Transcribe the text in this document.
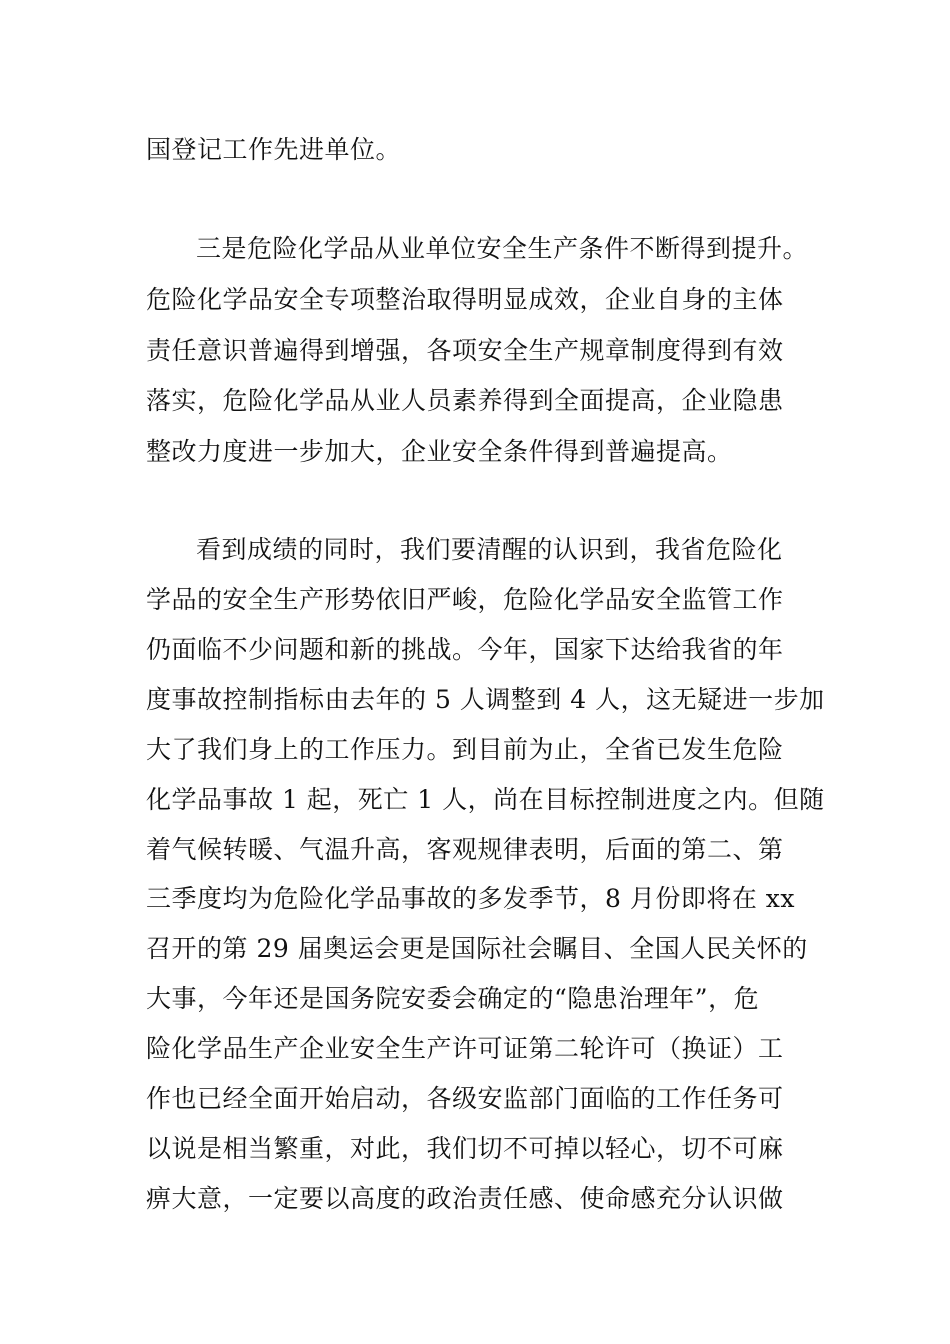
国登记工作先进单位。
三是危险化学品从业单位安全生产条件不断得到提升。
危险化学品安全专项整治取得明显成效，企业自身的主体
责任意识普遍得到增强，各项安全生产规章制度得到有效
落实，危险化学品从业人员素养得到全面提高，企业隐患
整改力度进一步加大，企业安全条件得到普遍提高。
看到成绩的同时，我们要清醒的认识到，我省危险化
学品的安全生产形势依旧严峻，危险化学品安全监管工作
仍面临不少问题和新的挑战。今年，国家下达给我省的年
度事故控制指标由去年的 5 人调整到 4 人，这无疑进一步加
大了我们身上的工作压力。到目前为止，全省已发生危险
化学品事故 1 起，死亡 1 人，尚在目标控制进度之内。但随
着气候转暖、气温升高，客观规律表明，后面的第二、第
三季度均为危险化学品事故的多发季节，8 月份即将在 xx
召开的第 29 届奥运会更是国际社会瞩目、全国人民关怀的
大事，今年还是国务院安委会确定的“隐患治理年”，危
险化学品生产企业安全生产许可证第二轮许可（换证）工
作也已经全面开始启动，各级安监部门面临的工作任务可
以说是相当繁重，对此，我们切不可掉以轻心，切不可麻
痹大意，一定要以高度的政治责任感、使命感充分认识做
